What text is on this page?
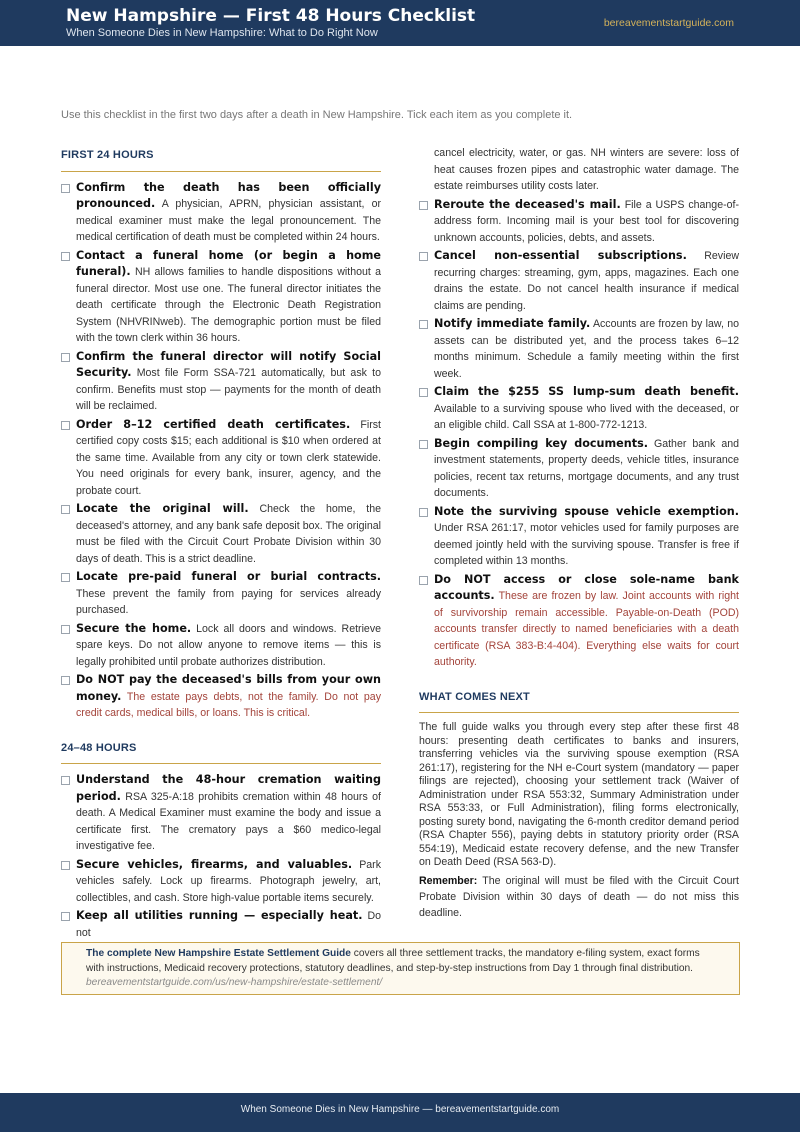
New Hampshire — First 48 Hours Checklist
When Someone Dies in New Hampshire: What to Do Right Now
bereavementstartguide.com
Use this checklist in the first two days after a death in New Hampshire. Tick each item as you complete it.
FIRST 24 HOURS
Confirm the death has been officially pronounced. A physician, APRN, physician assistant, or medical examiner must make the legal pronouncement. The medical certification of death must be completed within 24 hours.
Contact a funeral home (or begin a home funeral). NH allows families to handle dispositions without a funeral director. Most use one. The funeral director initiates the death certificate through the Electronic Death Registration System (NHVRINweb). The demographic portion must be filed with the town clerk within 36 hours.
Confirm the funeral director will notify Social Security. Most file Form SSA-721 automatically, but ask to confirm. Benefits must stop — payments for the month of death will be reclaimed.
Order 8–12 certified death certificates. First certified copy costs $15; each additional is $10 when ordered at the same time. Available from any city or town clerk statewide. You need originals for every bank, insurer, agency, and the probate court.
Locate the original will. Check the home, the deceased's attorney, and any bank safe deposit box. The original must be filed with the Circuit Court Probate Division within 30 days of death. This is a strict deadline.
Locate pre-paid funeral or burial contracts. These prevent the family from paying for services already purchased.
Secure the home. Lock all doors and windows. Retrieve spare keys. Do not allow anyone to remove items — this is legally prohibited until probate authorizes distribution.
Do NOT pay the deceased's bills from your own money. The estate pays debts, not the family. Do not pay credit cards, medical bills, or loans. This is critical.
24–48 HOURS
Understand the 48-hour cremation waiting period. RSA 325-A:18 prohibits cremation within 48 hours of death. A Medical Examiner must examine the body and issue a certificate first. The crematory pays a $60 medico-legal investigative fee.
Secure vehicles, firearms, and valuables. Park vehicles safely. Lock up firearms. Photograph jewelry, art, collectibles, and cash. Store high-value portable items securely.
Keep all utilities running — especially heat. Do not
cancel electricity, water, or gas. NH winters are severe: loss of heat causes frozen pipes and catastrophic water damage. The estate reimburses utility costs later.
Reroute the deceased's mail. File a USPS change-of-address form. Incoming mail is your best tool for discovering unknown accounts, policies, debts, and assets.
Cancel non-essential subscriptions. Review recurring charges: streaming, gym, apps, magazines. Each one drains the estate. Do not cancel health insurance if medical claims are pending.
Notify immediate family. Accounts are frozen by law, no assets can be distributed yet, and the process takes 6–12 months minimum. Schedule a family meeting within the first week.
Claim the $255 SS lump-sum death benefit. Available to a surviving spouse who lived with the deceased, or an eligible child. Call SSA at 1-800-772-1213.
Begin compiling key documents. Gather bank and investment statements, property deeds, vehicle titles, insurance policies, recent tax returns, mortgage documents, and any trust documents.
Note the surviving spouse vehicle exemption. Under RSA 261:17, motor vehicles used for family purposes are deemed jointly held with the surviving spouse. Transfer is free if completed within 13 months.
Do NOT access or close sole-name bank accounts. These are frozen by law. Joint accounts with right of survivorship remain accessible. Payable-on-Death (POD) accounts transfer directly to named beneficiaries with a death certificate (RSA 383-B:4-404). Everything else waits for court authority.
WHAT COMES NEXT
The full guide walks you through every step after these first 48 hours: presenting death certificates to banks and insurers, transferring vehicles via the surviving spouse exemption (RSA 261:17), registering for the NH e-Court system (mandatory — paper filings are rejected), choosing your settlement track (Waiver of Administration under RSA 553:32, Summary Administration under RSA 553:33, or Full Administration), filing forms electronically, posting surety bond, navigating the 6-month creditor demand period (RSA Chapter 556), paying debts in statutory priority order (RSA 554:19), Medicaid estate recovery defense, and the new Transfer on Death Deed (RSA 563-D).
Remember: The original will must be filed with the Circuit Court Probate Division within 30 days of death — do not miss this deadline.
The complete New Hampshire Estate Settlement Guide covers all three settlement tracks, the mandatory e-filing system, exact forms with instructions, Medicaid recovery protections, statutory deadlines, and step-by-step instructions from Day 1 through final distribution. bereavementstartguide.com/us/new-hampshire/estate-settlement/
When Someone Dies in New Hampshire — bereavementstartguide.com
